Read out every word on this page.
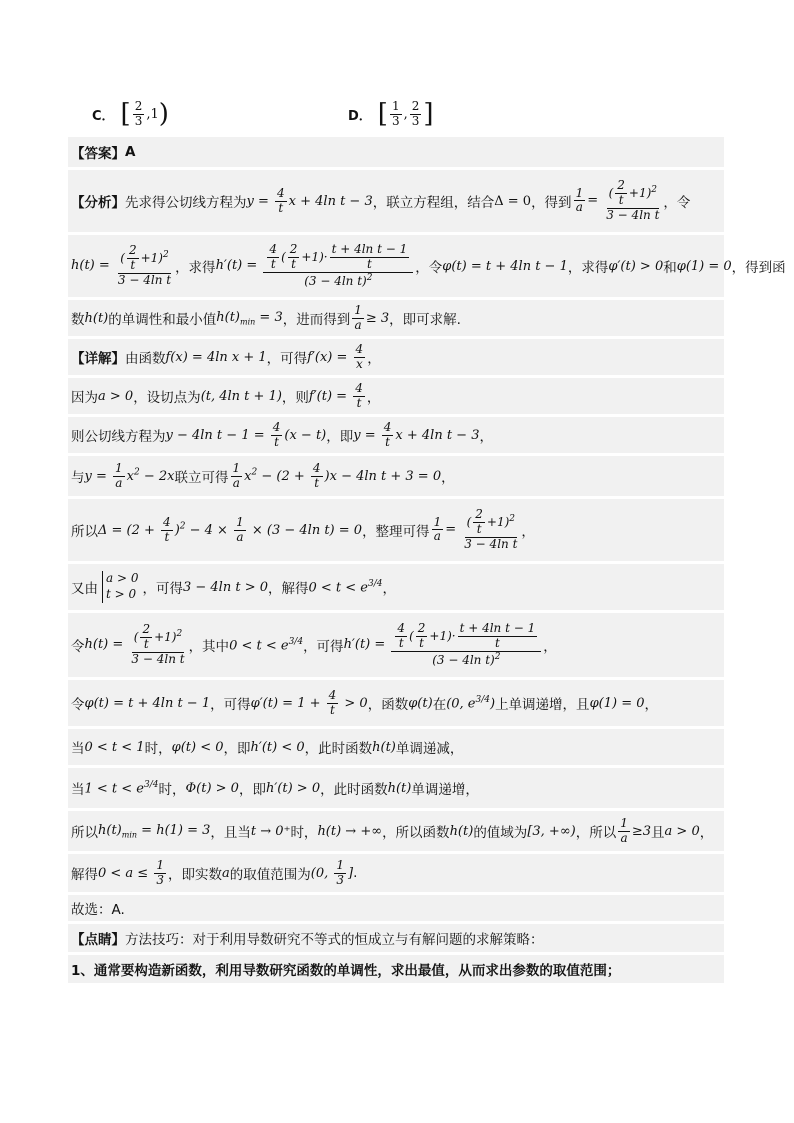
C． [ $\frac{2}{3} ,1$ )	D． [ $\frac{1}{3}$ , $\frac{2}{3}$ ]
【答案】 A
【分析】 先求得公切线方程为 $y = \frac{4}{t}$ x + 4ln t − 3 ，联立方程组，结合 Δ = 0 ，得到 $\frac{1}{a} = \frac{( \frac{2}{t} +1)^2}{\text{3 − 4ln t}}$ ，令
$h(t) = \frac{( \frac{2}{t} +1)^2}{\text{3 − 4ln t}}$ ，求得 $h'(t) = \frac{\frac{4}{t} ( \frac{2}{t} +1)\cdot \frac{\text{t + 4ln t − 1}}{t}}{(3 - 4\ln t)^2}$ ，令 φ(t) = t + 4ln t − 1 ，求得 φ′(t) > 0 和 φ(1) = 0 ，得到函
数 h(t) 的单调性和最小值 $h(t)_{min} = 3$ ，进而得到 $\frac{1}{a} \ge 3$ ，即可求解.
【详解】 由函数 f(x) = 4ln x + 1 ，可得 $f'(x) = \frac{4}{x}$ ，
因为 a > 0 ，设切点为 (t, 4ln t + 1) ，则 $f'(t) = \frac{4}{t}$ ，
则公切线方程为 y − 4ln $t - 1 = \frac{4}{t} (x - t)$ ，即 $y = \frac{4}{t}$ x + 4ln t − 3 ，
与 $y = \frac{1}{a} x^2 - 2x$ 联立可得 $\frac{1}{a} x^2 - (2 + \frac{4}{t} )x - 4\ln$ t + 3 = 0 ，
所以 $\Delta = (2 + \frac{4}{t} )^2 - 4 \times \frac{1}{a} \times (3 - 4\ln$ t) = 0 ，整理可得 $\frac{1}{a} = \frac{( \frac{2}{t} +1)^2}{\text{3 − 4ln t}}$ ，
又由
a > 0
t > 0 ，可得 3 − 4ln t > 0 ，解得 $0 < t < e^{3/4}$ ，
令 $h(t) = \frac{( \frac{2}{t} +1)^2}{\text{3 − 4ln t}}$ ，其中 $0 < t < e^{3/4}$ ，可得 $h'(t) = \frac{\frac{4}{t} ( \frac{2}{t} +1)\cdot \frac{\text{t + 4ln t − 1}}{t}}{(3 - 4\ln t)^2}$ ，
令 φ(t) = t + 4ln t − 1 ，可得 $\varphi'(t) = 1 + \frac{4}{t} > 0$ ，函数 φ(t) 在 (0, $e^{3/4}$) 上单调递增，且 φ(1) = 0 ，
当 0 < t < 1 时， φ(t) < 0 ，即 h′(t) < 0 ，此时函数 h(t) 单调递减，
当 $1 < t < e^{3/4}$ 时， Φ(t) > 0 ，即 h′(t) > 0 ，此时函数 h(t) 单调递增，
所以 $h(t)_{min} = h(1) = 3$ ，且当 t → 0⁺ 时， h(t) → +∞ ，所以函数 h(t) 的值域为 [3, +∞) ，所以 $\frac{1}{a} \ge 3$ 且 a > 0 ，
解得 $0 < a \le \frac{1}{3}$ ，即实数 a 的取值范围为 (0, $\frac{1}{3}$ ] .
故选：A.
【点睛】 方法技巧：对于利用导数研究不等式的恒成立与有解问题的求解策略：
1、通常要构造新函数，利用导数研究函数的单调性，求出最值，从而求出参数的取值范围；
